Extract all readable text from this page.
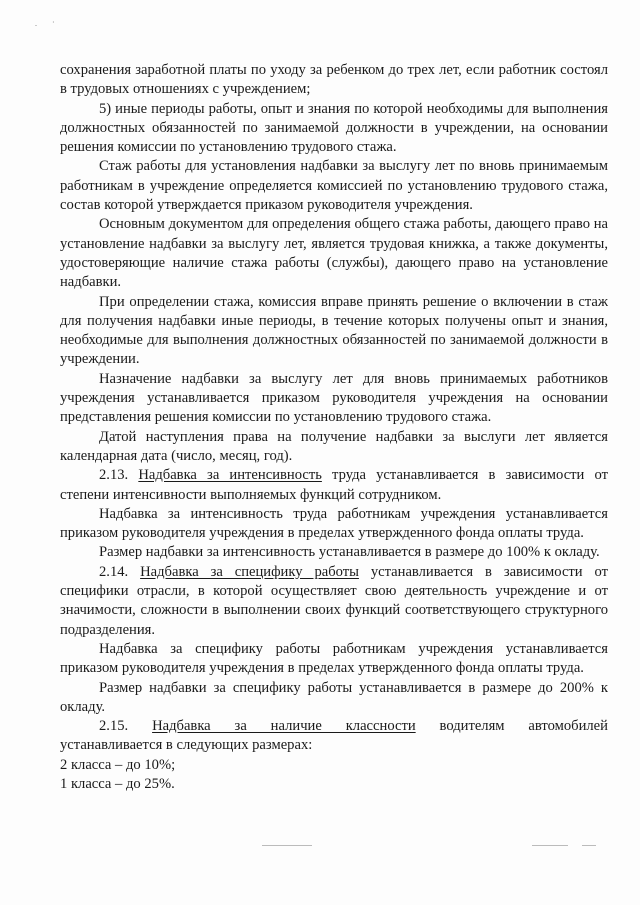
. ·

сохранения заработной платы по уходу за ребенком до трех лет, если работник состоял в трудовых отношениях с учреждением;

5) иные периоды работы, опыт и знания по которой необходимы для выполнения должностных обязанностей по занимаемой должности в учреждении, на основании решения комиссии по установлению трудового стажа.

Стаж работы для установления надбавки за выслугу лет по вновь принимаемым работникам в учреждение определяется комиссией по установлению трудового стажа, состав которой утверждается приказом руководителя учреждения.

Основным документом для определения общего стажа работы, дающего право на установление надбавки за выслугу лет, является трудовая книжка, а также документы, удостоверяющие наличие стажа работы (службы), дающего право на установление надбавки.

При определении стажа, комиссия вправе принять решение о включении в стаж для получения надбавки иные периоды, в течение которых получены опыт и знания, необходимые для выполнения должностных обязанностей по занимаемой должности в учреждении.

Назначение надбавки за выслугу лет для вновь принимаемых работников учреждения устанавливается приказом руководителя учреждения на основании представления решения комиссии по установлению трудового стажа.

Датой наступления права на получение надбавки за выслуги лет является календарная дата (число, месяц, год).

2.13. Надбавка за интенсивность труда устанавливается в зависимости от степени интенсивности выполняемых функций сотрудником.

Надбавка за интенсивность труда работникам учреждения устанавливается приказом руководителя учреждения в пределах утвержденного фонда оплаты труда.

Размер надбавки за интенсивность устанавливается в размере до 100% к окладу.

2.14. Надбавка за специфику работы устанавливается в зависимости от специфики отрасли, в которой осуществляет свою деятельность учреждение и от значимости, сложности в выполнении своих функций соответствующего структурного подразделения.

Надбавка за специфику работы работникам учреждения устанавливается приказом руководителя учреждения в пределах утвержденного фонда оплаты труда.

Размер надбавки за специфику работы устанавливается в размере до 200% к окладу.

2.15. Надбавка за наличие классности водителям автомобилей

устанавливается в следующих размерах:

2 класса – до 10%;

1 класса – до 25%.
